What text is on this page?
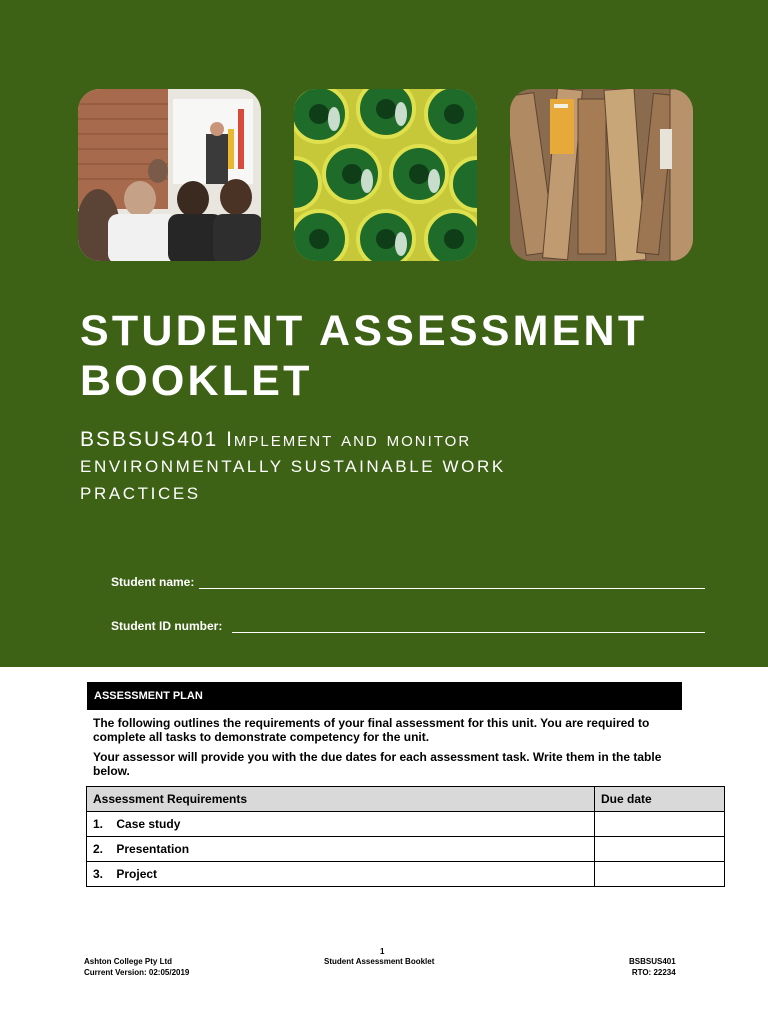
STUDENT ASSESSMENT
BOOKLET
BSBSUS401 Implement and monitor
ENVIRONMENTALLY SUSTAINABLE WORK
PRACTICES
Student name:
Student ID number:
ASSESSMENT PLAN
The following outlines the requirements of your final assessment for this unit. You are required to complete all tasks to demonstrate competency for the unit.
Your assessor will provide you with the due dates for each assessment task. Write them in the table below.
Assessment Requirements	Due date
1. Case study	
2. Presentation	
3. Project	
1
Ashton College Pty Ltd
Current Version: 02:05/2019
Student Assessment Booklet	BSBSUS401
RTO: 22234
